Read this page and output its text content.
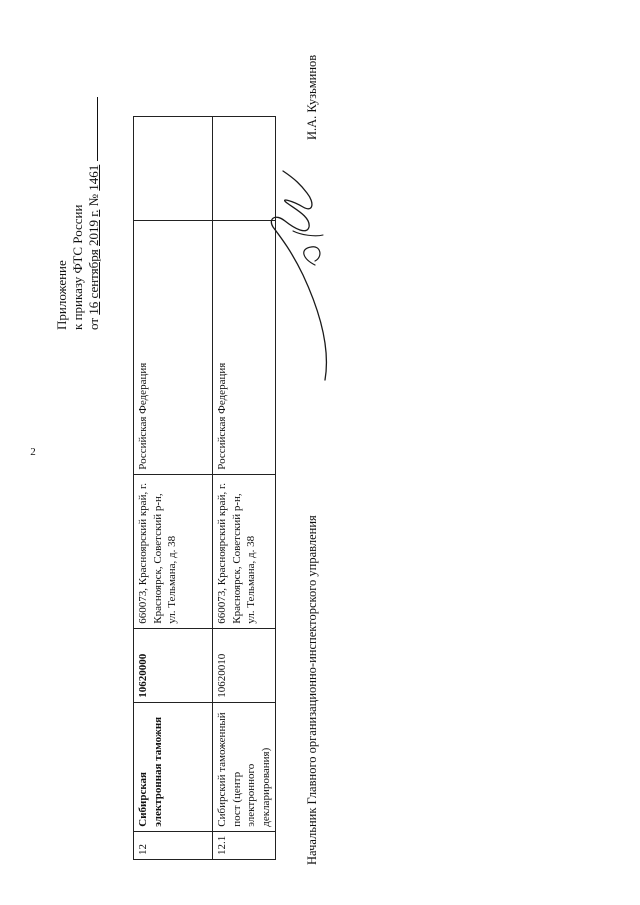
2
12	Сибирская электронная таможня	10620000	660073, Красноярский край, г. Красноярск, Советский р-н, ул. Тельмана, д. 38	Российская Федерация	
12.1	Сибирский таможенный пост (центр электронного декларирования)	10620010	660073, Красноярский край, г. Красноярск, Советский р-н, ул. Тельмана, д. 38	Российская Федерация	
Приложение к приказу ФТС России от 16 сентября 2019 г. № 1461
Начальник Главного организационно-инспекторского управления
И.А. Кузьминов
